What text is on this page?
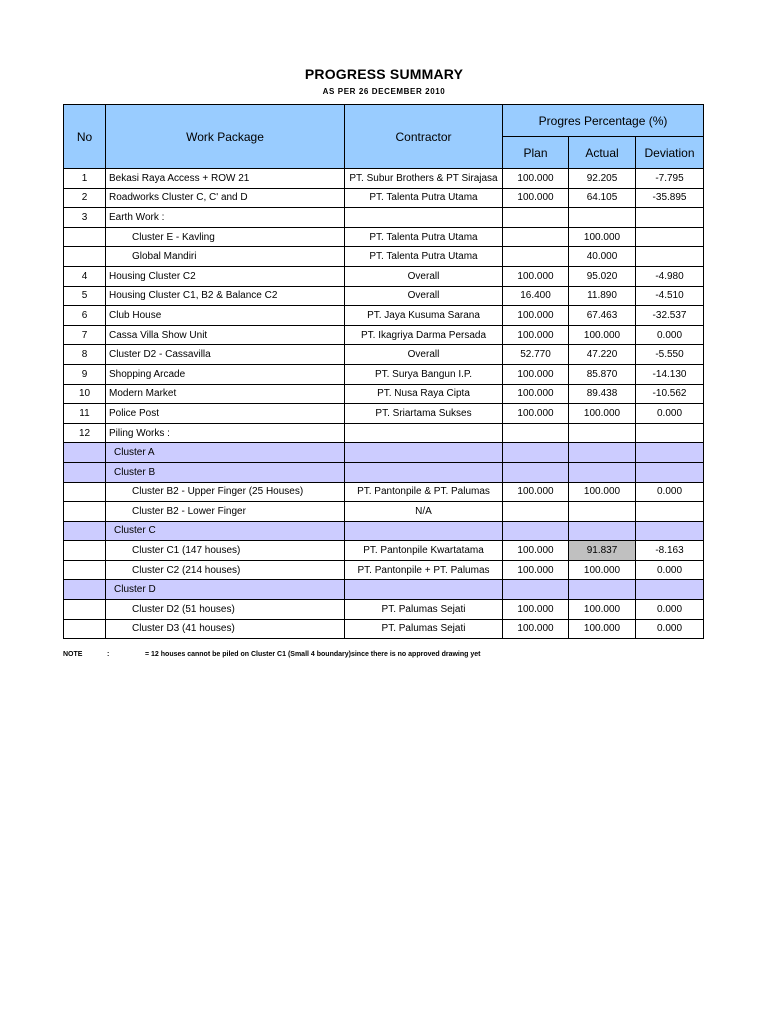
PROGRESS SUMMARY
AS PER 26 DECEMBER 2010
No	Work Package	Contractor	Progres Percentage (%)		
			Plan	Actual	Deviation
1	Bekasi Raya Access + ROW 21	PT. Subur Brothers & PT Sirajasa	100.000	92.205	-7.795
2	Roadworks Cluster C, C' and D	PT. Talenta Putra Utama	100.000	64.105	-35.895
3	Earth Work :				
	Cluster E - Kavling	PT. Talenta Putra Utama		100.000	
	Global Mandiri	PT. Talenta Putra Utama		40.000	
4	Housing Cluster C2	Overall	100.000	95.020	-4.980
5	Housing Cluster C1, B2 & Balance C2	Overall	16.400	11.890	-4.510
6	Club House	PT. Jaya Kusuma Sarana	100.000	67.463	-32.537
7	Cassa Villa Show Unit	PT. Ikagriya Darma Persada	100.000	100.000	0.000
8	Cluster D2 - Cassavilla	Overall	52.770	47.220	-5.550
9	Shopping Arcade	PT. Surya Bangun I.P.	100.000	85.870	-14.130
10	Modern Market	PT. Nusa Raya Cipta	100.000	89.438	-10.562
11	Police Post	PT. Sriartama Sukses	100.000	100.000	0.000
12	Piling Works :				
	Cluster A				
	Cluster B				
	Cluster B2 - Upper Finger (25 Houses)	PT. Pantonpile & PT. Palumas	100.000	100.000	0.000
	Cluster B2 - Lower Finger	N/A			
	Cluster C				
	Cluster C1 (147 houses)	PT. Pantonpile Kwartatama	100.000	91.837	-8.163
	Cluster C2 (214 houses)	PT. Pantonpile + PT. Palumas	100.000	100.000	0.000
	Cluster D				
	Cluster D2 (51 houses)	PT. Palumas Sejati	100.000	100.000	0.000
	Cluster D3 (41 houses)	PT. Palumas Sejati	100.000	100.000	0.000
NOTE	:	= 12 houses cannot be piled on Cluster C1 (Small 4 boundary)since there is no approved drawing yet
